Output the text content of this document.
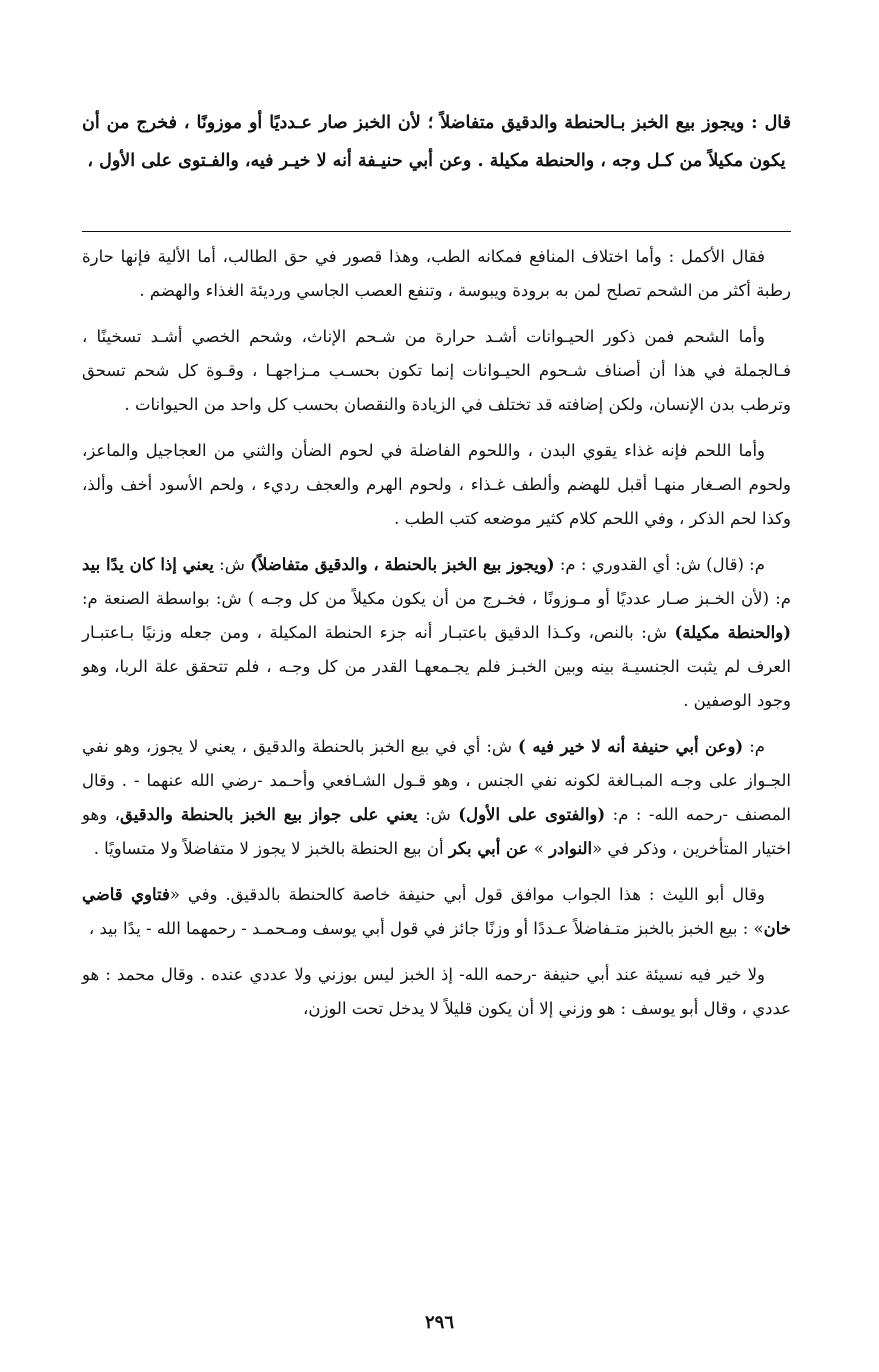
قال : ويجوز بيع الخبز بـالحنطة والدقيق متفاضلاً ؛ لأن الخبز صار عـدديًا أو موزونًا ، فخرج من أن يكون مكيلاً من كـل وجه ، والحنطة مكيلة . وعن أبي حنيـفة أنه لا خيـر فيه، والفـتوى على الأول ،

فقال الأكمل : وأما اختلاف المنافع فمكانه الطب، وهذا قصور في حق الطالب، أما الألية فإنها حارة رطبة أكثر من الشحم تصلح لمن به برودة ويبوسة ، وتنفع العصب الجاسي ورديئة الغذاء والهضم .

وأما الشحم فمن ذكور الحيـوانات أشـد حرارة من شـحم الإناث، وشحم الخصي أشـد تسخينًا ، فـالجملة في هذا أن أصناف شـحوم الحيـوانات إنما تكون بحسـب مـزاجهـا ، وقـوة كل شحم تسحق وترطب بدن الإنسان، ولكن إضافته قد تختلف في الزيادة والنقصان بحسب كل واحد من الحيوانات .

وأما اللحم فإنه غذاء يقوي البدن ، واللحوم الفاضلة في لحوم الضأن والثني من العجاجيل والماعز، ولحوم الصـغار منهـا أقبل للهضم وألطف غـذاء ، ولحوم الهرم والعجف رديء ، ولحم الأسود أخف وألذ، وكذا لحم الذكر ، وفي اللحم كلام كثير موضعه كتب الطب .

م: (قال) ش: أي القدوري : م: (ويجوز بيع الخبز بالحنطة ، والدقيق متفاضلاً) ش: يعني إذا كان يدًا بيد م: (لأن الخـبز صـار عدديًا أو مـوزونًا ، فخـرج من أن يكون مكيلاً من كل وجـه ) ش: بواسطة الصنعة م: (والحنطة مكيلة) ش: بالنص، وكـذا الدقيق باعتبـار أنه جزء الحنطة المكيلة ، ومن جعله وزنيًا بـاعتبـار العرف لم يثبت الجنسيـة بينه وبين الخبـز فلم يجـمعهـا القدر من كل وجـه ، فلم تتحقق علة الربا، وهو وجود الوصفين .

م: (وعن أبي حنيفة أنه لا خير فيه ) ش: أي في بيع الخبز بالحنطة والدقيق ، يعني لا يجوز، وهو نفي الجـواز على وجـه المبـالغة لكونه نفي الجنس ، وهو قـول الشـافعي وأحـمد -رضي الله عنهما - . وقال المصنف -رحمه الله- : م: (والفتوى على الأول) ش: يعني على جواز بيع الخبز بالحنطة والدقيق، وهو اختيار المتأخرين ، وذكر في «النوادر » عن أبي بكر أن بيع الحنطة بالخبز لا يجوز لا متفاضلاً ولا متساويًا .

وقال أبو الليث : هذا الجواب موافق قول أبي حنيفة خاصة كالحنطة بالدقيق. وفي «فتاوي قاضي خان» : بيع الخبز بالخبز متـفاضلاً عـددًا أو وزنًا جائز في قول أبي يوسف ومـحمـد - رحمهما الله - يدًا بيد ،

ولا خير فيه نسيئة عند أبي حنيفة -رحمه الله- إذ الخبز ليس بوزني ولا عددي عنده . وقال محمد : هو عددي ، وقال أبو يوسف : هو وزني إلا أن يكون قليلاً لا يدخل تحت الوزن،

٢٩٦
